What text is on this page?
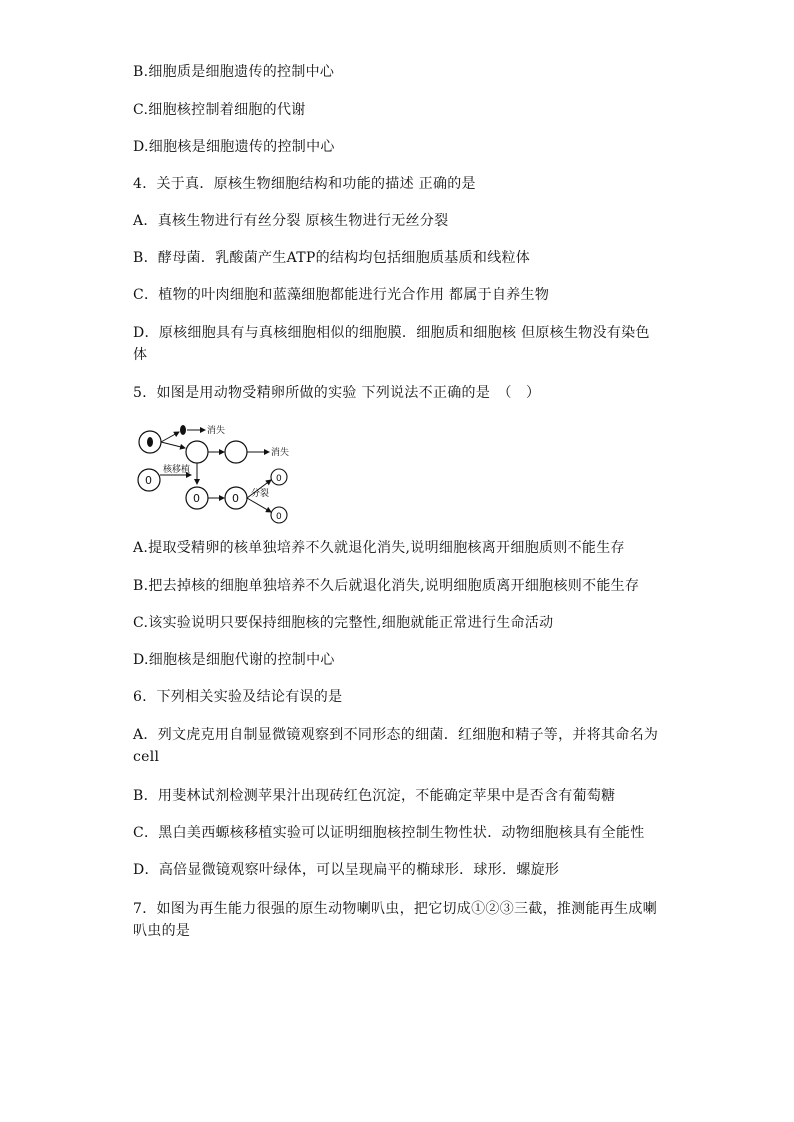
B.细胞质是细胞遗传的控制中心
C.细胞核控制着细胞的代谢
D.细胞核是细胞遗传的控制中心
4．关于真．原核生物细胞结构和功能的描述 正确的是
A．真核生物进行有丝分裂 原核生物进行无丝分裂
B．酵母菌．乳酸菌产生ATP的结构均包括细胞质基质和线粒体
C．植物的叶肉细胞和蓝藻细胞都能进行光合作用 都属于自养生物
D．原核细胞具有与真核细胞相似的细胞膜．细胞质和细胞核 但原核生物没有染色体
5．如图是用动物受精卵所做的实验 下列说法不正确的是　（　）
消失
消失
0
核移植
0	0 分裂
0
0
A.提取受精卵的核单独培养不久就退化消失,说明细胞核离开细胞质则不能生存
B.把去掉核的细胞单独培养不久后就退化消失,说明细胞质离开细胞核则不能生存
C.该实验说明只要保持细胞核的完整性,细胞就能正常进行生命活动
D.细胞核是细胞代谢的控制中心
6．下列相关实验及结论有误的是
A．列文虎克用自制显微镜观察到不同形态的细菌．红细胞和精子等，并将其命名为cell
B．用斐林试剂检测苹果汁出现砖红色沉淀，不能确定苹果中是否含有葡萄糖
C．黑白美西螈核移植实验可以证明细胞核控制生物性状．动物细胞核具有全能性
D．高倍显微镜观察叶绿体，可以呈现扁平的椭球形．球形．螺旋形
7．如图为再生能力很强的原生动物喇叭虫，把它切成①②③三截，推测能再生成喇叭虫的是
